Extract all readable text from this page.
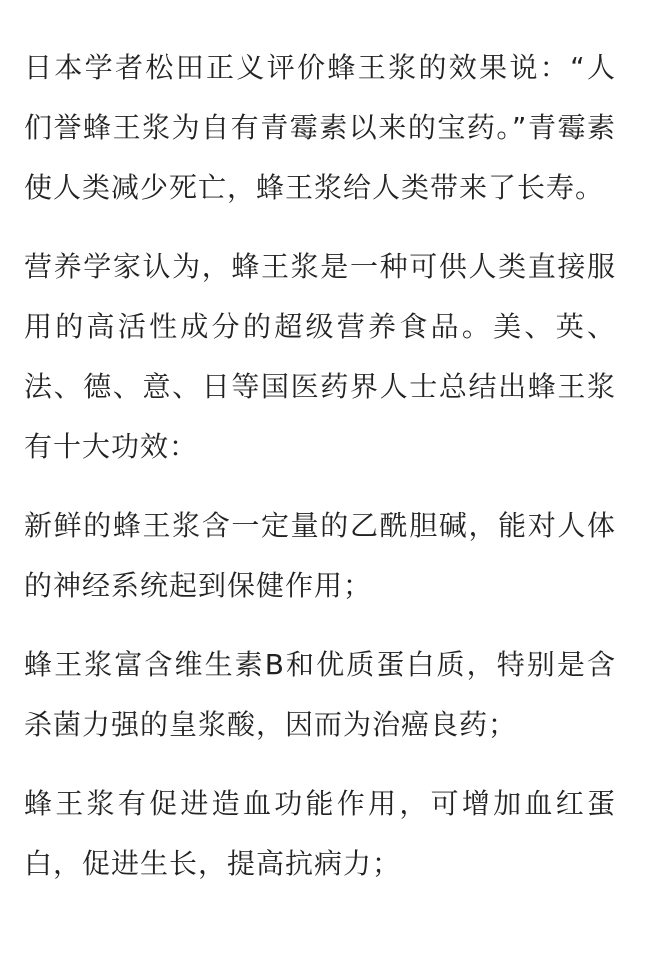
日本学者松田正义评价蜂王浆的效果说：“人们誉蜂王浆为自有青霉素以来的宝药。”青霉素使人类减少死亡，蜂王浆给人类带来了长寿。

营养学家认为，蜂王浆是一种可供人类直接服用的高活性成分的超级营养食品。美、英、法、德、意、日等国医药界人士总结出蜂王浆有十大功效：

新鲜的蜂王浆含一定量的乙酰胆碱，能对人体的神经系统起到保健作用；

蜂王浆富含维生素B和优质蛋白质，特别是含杀菌力强的皇浆酸，因而为治癌良药；

蜂王浆有促进造血功能作用，可增加血红蛋白，促进生长，提高抗病力；
